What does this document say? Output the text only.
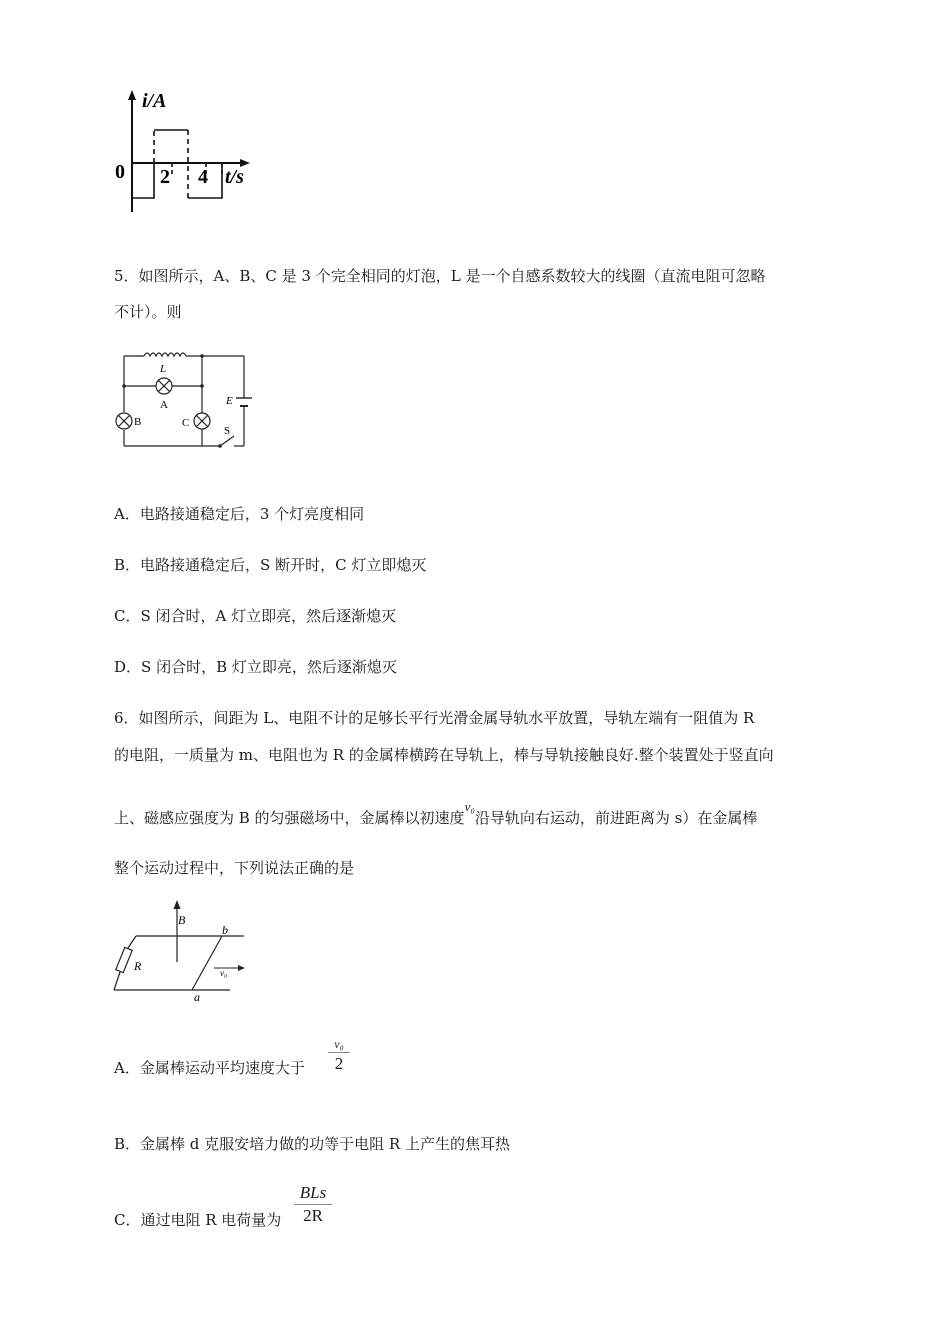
i/A
0 2 4 t/s
5．如图所示，A、B、C 是 3 个完全相同的灯泡，L 是一个自感系数较大的线圈（直流电阻可忽略
不计）。则
L
A
B	C
E
S
A．电路接通稳定后，3 个灯亮度相同
B．电路接通稳定后，S 断开时，C 灯立即熄灭
C．S 闭合时，A 灯立即亮，然后逐渐熄灭
D．S 闭合时，B 灯立即亮，然后逐渐熄灭
6．如图所示，间距为 L、电阻不计的足够长平行光滑金属导轨水平放置，导轨左端有一阻值为 R
的电阻，一质量为 m、电阻也为 R 的金属棒横跨在导轨上，棒与导轨接触良好.整个装置处于竖直向
上、磁感应强度为 B 的匀强磁场中，金属棒以初速度v₀沿导轨向右运动，前进距离为 s）在金属棒
整个运动过程中，下列说法正确的是
B
b
R	v₀
a
A．金属棒运动平均速度大于
v₀
2
B．金属棒 d 克服安培力做的功等于电阻 R 上产生的焦耳热
C．通过电阻 R 电荷量为
BLs
2R
